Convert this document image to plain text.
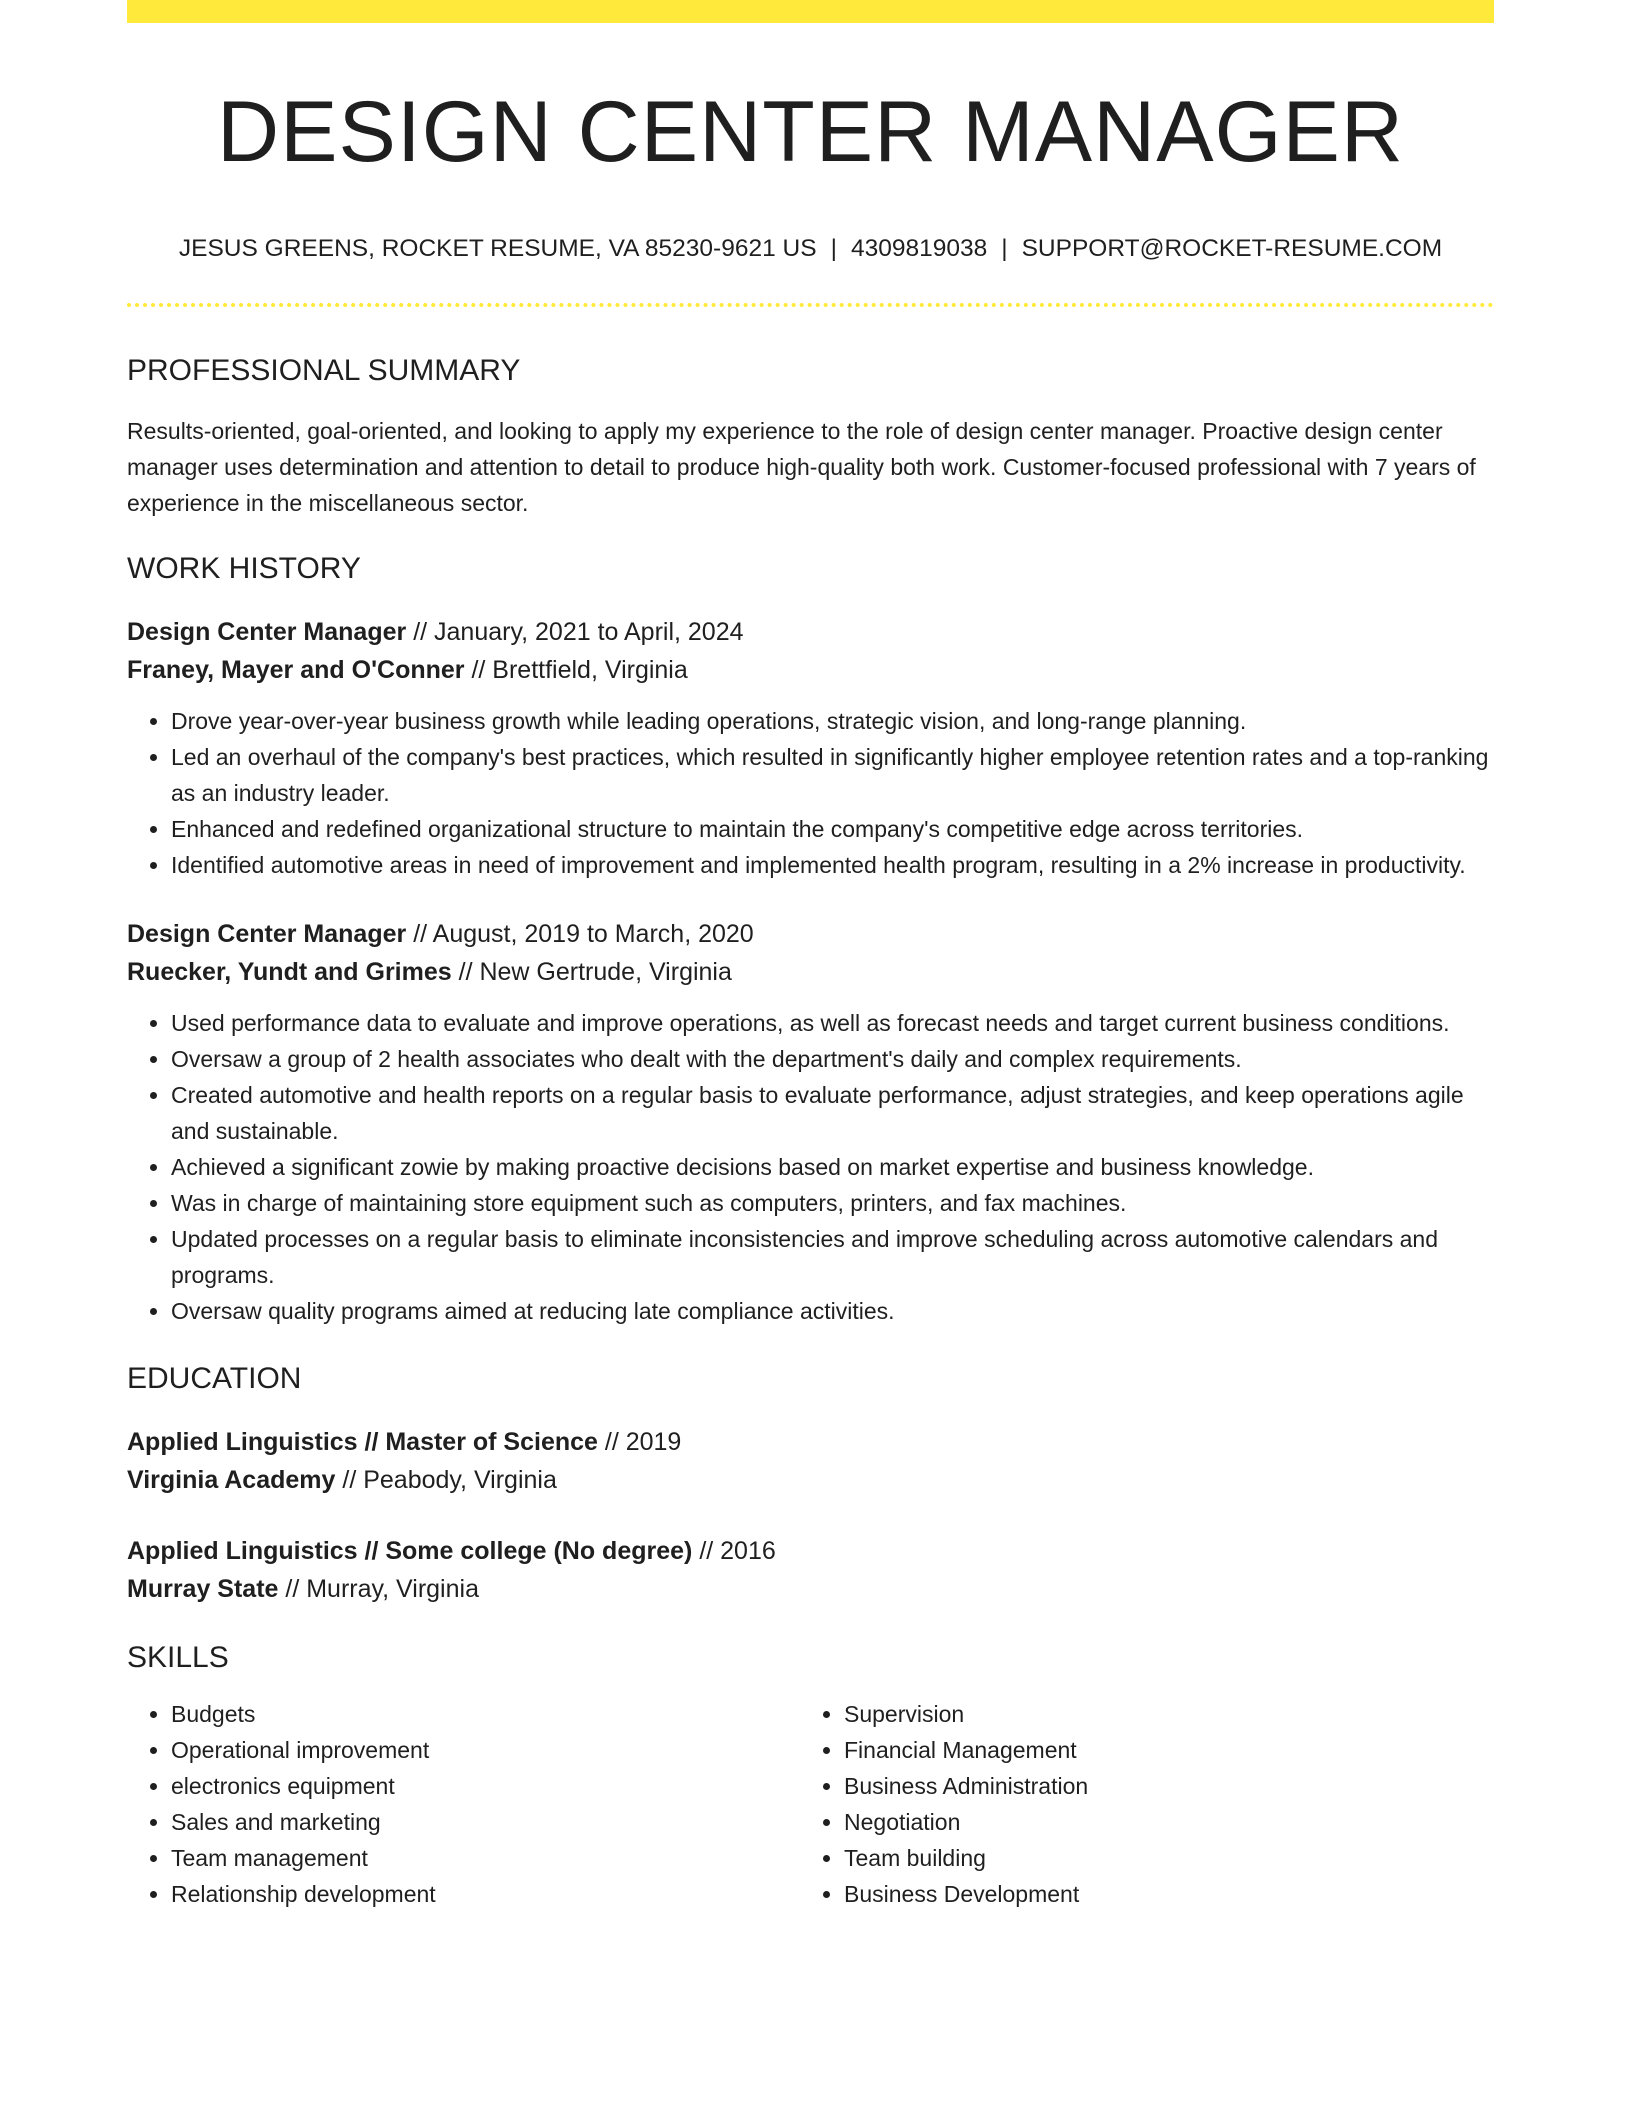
DESIGN CENTER MANAGER
JESUS GREENS, ROCKET RESUME, VA 85230-9621 US | 4309819038 | SUPPORT@ROCKET-RESUME.COM
PROFESSIONAL SUMMARY
Results-oriented, goal-oriented, and looking to apply my experience to the role of design center manager. Proactive design center manager uses determination and attention to detail to produce high-quality both work. Customer-focused professional with 7 years of experience in the miscellaneous sector.
WORK HISTORY
Design Center Manager // January, 2021 to April, 2024
Franey, Mayer and O'Conner // Brettfield, Virginia
• Drove year-over-year business growth while leading operations, strategic vision, and long-range planning.
• Led an overhaul of the company's best practices, which resulted in significantly higher employee retention rates and a top-ranking as an industry leader.
• Enhanced and redefined organizational structure to maintain the company's competitive edge across territories.
• Identified automotive areas in need of improvement and implemented health program, resulting in a 2% increase in productivity.
Design Center Manager // August, 2019 to March, 2020
Ruecker, Yundt and Grimes // New Gertrude, Virginia
• Used performance data to evaluate and improve operations, as well as forecast needs and target current business conditions.
• Oversaw a group of 2 health associates who dealt with the department's daily and complex requirements.
• Created automotive and health reports on a regular basis to evaluate performance, adjust strategies, and keep operations agile and sustainable.
• Achieved a significant zowie by making proactive decisions based on market expertise and business knowledge.
• Was in charge of maintaining store equipment such as computers, printers, and fax machines.
• Updated processes on a regular basis to eliminate inconsistencies and improve scheduling across automotive calendars and programs.
• Oversaw quality programs aimed at reducing late compliance activities.
EDUCATION
Applied Linguistics // Master of Science // 2019
Virginia Academy // Peabody, Virginia
Applied Linguistics // Some college (No degree) // 2016
Murray State // Murray, Virginia
SKILLS
• Budgets
• Operational improvement
• electronics equipment
• Sales and marketing
• Team management
• Relationship development
• Supervision
• Financial Management
• Business Administration
• Negotiation
• Team building
• Business Development
